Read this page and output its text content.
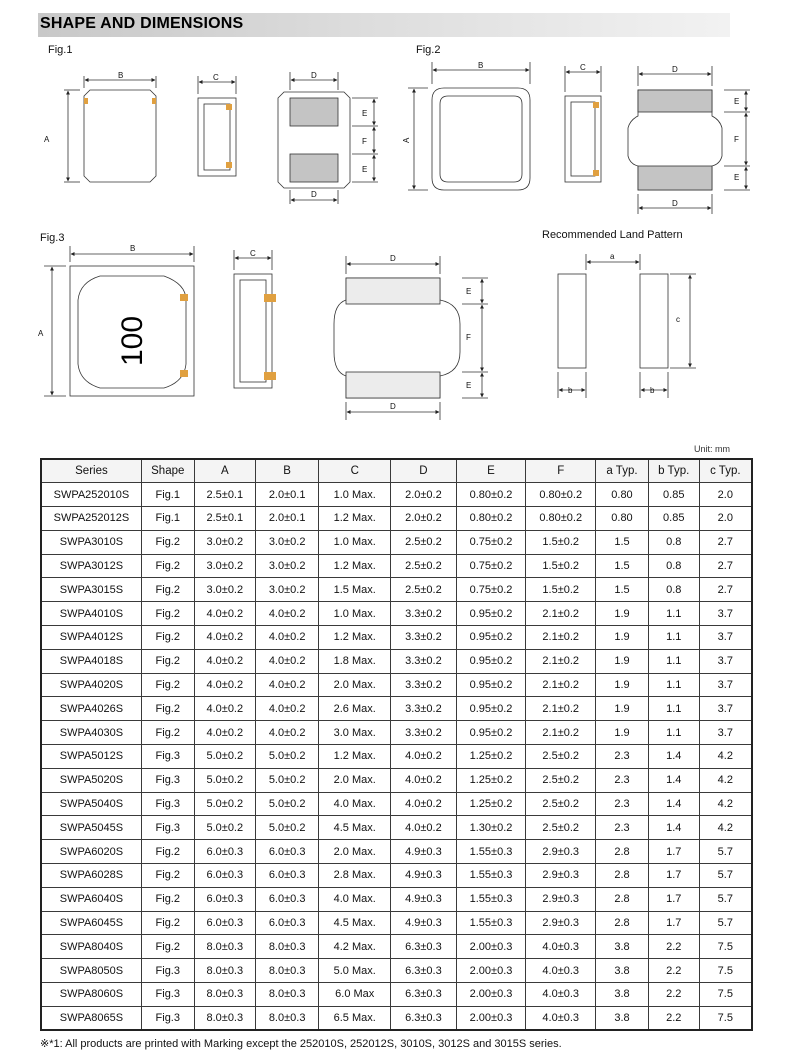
SHAPE AND DIMENSIONS
Fig.1
B
A
C	D
D
E
F
E
Fig.2
B
A
C	D
D
E
F
E
Fig.3
100
B
A
C
D
D
E
F
E
Recommended Land Pattern
a
c
b	b
Unit: mm
Series	Shape	A	B	C	D	E	F	a Typ.	b Typ.	c Typ.
SWPA252010S	Fig.1	2.5±0.1	2.0±0.1	1.0 Max.	2.0±0.2	0.80±0.2	0.80±0.2	0.80	0.85	2.0
SWPA252012S	Fig.1	2.5±0.1	2.0±0.1	1.2 Max.	2.0±0.2	0.80±0.2	0.80±0.2	0.80	0.85	2.0
SWPA3010S	Fig.2	3.0±0.2	3.0±0.2	1.0 Max.	2.5±0.2	0.75±0.2	1.5±0.2	1.5	0.8	2.7
SWPA3012S	Fig.2	3.0±0.2	3.0±0.2	1.2 Max.	2.5±0.2	0.75±0.2	1.5±0.2	1.5	0.8	2.7
SWPA3015S	Fig.2	3.0±0.2	3.0±0.2	1.5 Max.	2.5±0.2	0.75±0.2	1.5±0.2	1.5	0.8	2.7
SWPA4010S	Fig.2	4.0±0.2	4.0±0.2	1.0 Max.	3.3±0.2	0.95±0.2	2.1±0.2	1.9	1.1	3.7
SWPA4012S	Fig.2	4.0±0.2	4.0±0.2	1.2 Max.	3.3±0.2	0.95±0.2	2.1±0.2	1.9	1.1	3.7
SWPA4018S	Fig.2	4.0±0.2	4.0±0.2	1.8 Max.	3.3±0.2	0.95±0.2	2.1±0.2	1.9	1.1	3.7
SWPA4020S	Fig.2	4.0±0.2	4.0±0.2	2.0 Max.	3.3±0.2	0.95±0.2	2.1±0.2	1.9	1.1	3.7
SWPA4026S	Fig.2	4.0±0.2	4.0±0.2	2.6 Max.	3.3±0.2	0.95±0.2	2.1±0.2	1.9	1.1	3.7
SWPA4030S	Fig.2	4.0±0.2	4.0±0.2	3.0 Max.	3.3±0.2	0.95±0.2	2.1±0.2	1.9	1.1	3.7
SWPA5012S	Fig.3	5.0±0.2	5.0±0.2	1.2 Max.	4.0±0.2	1.25±0.2	2.5±0.2	2.3	1.4	4.2
SWPA5020S	Fig.3	5.0±0.2	5.0±0.2	2.0 Max.	4.0±0.2	1.25±0.2	2.5±0.2	2.3	1.4	4.2
SWPA5040S	Fig.3	5.0±0.2	5.0±0.2	4.0 Max.	4.0±0.2	1.25±0.2	2.5±0.2	2.3	1.4	4.2
SWPA5045S	Fig.3	5.0±0.2	5.0±0.2	4.5 Max.	4.0±0.2	1.30±0.2	2.5±0.2	2.3	1.4	4.2
SWPA6020S	Fig.2	6.0±0.3	6.0±0.3	2.0 Max.	4.9±0.3	1.55±0.3	2.9±0.3	2.8	1.7	5.7
SWPA6028S	Fig.2	6.0±0.3	6.0±0.3	2.8 Max.	4.9±0.3	1.55±0.3	2.9±0.3	2.8	1.7	5.7
SWPA6040S	Fig.2	6.0±0.3	6.0±0.3	4.0 Max.	4.9±0.3	1.55±0.3	2.9±0.3	2.8	1.7	5.7
SWPA6045S	Fig.2	6.0±0.3	6.0±0.3	4.5 Max.	4.9±0.3	1.55±0.3	2.9±0.3	2.8	1.7	5.7
SWPA8040S	Fig.2	8.0±0.3	8.0±0.3	4.2 Max.	6.3±0.3	2.00±0.3	4.0±0.3	3.8	2.2	7.5
SWPA8050S	Fig.3	8.0±0.3	8.0±0.3	5.0 Max.	6.3±0.3	2.00±0.3	4.0±0.3	3.8	2.2	7.5
SWPA8060S	Fig.3	8.0±0.3	8.0±0.3	6.0 Max	6.3±0.3	2.00±0.3	4.0±0.3	3.8	2.2	7.5
SWPA8065S	Fig.3	8.0±0.3	8.0±0.3	6.5 Max.	6.3±0.3	2.00±0.3	4.0±0.3	3.8	2.2	7.5
※*1: All products are printed with Marking except the 252010S, 252012S, 3010S, 3012S and 3015S series.
